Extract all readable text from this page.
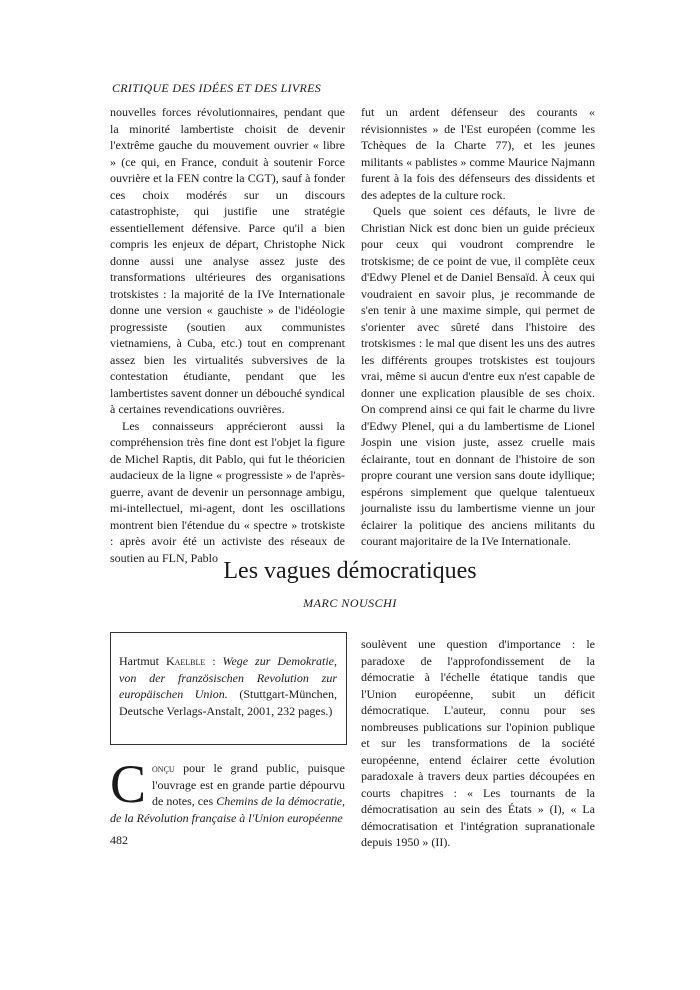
CRITIQUE DES IDÉES ET DES LIVRES

nouvelles forces révolutionnaires, pendant que la minorité lambertiste choisit de devenir l'extrême gauche du mouvement ouvrier « libre » (ce qui, en France, conduit à soutenir Force ouvrière et la FEN contre la CGT), sauf à fonder ces choix modérés sur un discours catastrophiste, qui justifie une stratégie essentiellement défensive. Parce qu'il a bien compris les enjeux de départ, Christophe Nick donne aussi une analyse assez juste des transformations ultérieures des organisations trotskistes : la majorité de la IVe Internationale donne une version « gauchiste » de l'idéologie progressiste (soutien aux communistes vietnamiens, à Cuba, etc.) tout en comprenant assez bien les virtualités subversives de la contestation étudiante, pendant que les lambertistes savent donner un débouché syndical à certaines revendications ouvrières.

Les connaisseurs apprécieront aussi la compréhension très fine dont est l'objet la figure de Michel Raptis, dit Pablo, qui fut le théoricien audacieux de la ligne « progressiste » de l'après-guerre, avant de devenir un personnage ambigu, mi-intellectuel, mi-agent, dont les oscillations montrent bien l'étendue du « spectre » trotskiste : après avoir été un activiste des réseaux de soutien au FLN, Pablo

fut un ardent défenseur des courants « révisionnistes » de l'Est européen (comme les Tchèques de la Charte 77), et les jeunes militants « pablistes » comme Maurice Najmann furent à la fois des défenseurs des dissidents et des adeptes de la culture rock.

Quels que soient ces défauts, le livre de Christian Nick est donc bien un guide précieux pour ceux qui voudront comprendre le trotskisme; de ce point de vue, il complète ceux d'Edwy Plenel et de Daniel Bensaïd. À ceux qui voudraient en savoir plus, je recommande de s'en tenir à une maxime simple, qui permet de s'orienter avec sûreté dans l'histoire des trotskismes : le mal que disent les uns des autres les différents groupes trotskistes est toujours vrai, même si aucun d'entre eux n'est capable de donner une explication plausible de ses choix. On comprend ainsi ce qui fait le charme du livre d'Edwy Plenel, qui a du lambertisme de Lionel Jospin une vision juste, assez cruelle mais éclairante, tout en donnant de l'histoire de son propre courant une version sans doute idyllique; espérons simplement que quelque talentueux journaliste issu du lambertisme vienne un jour éclairer la politique des anciens militants du courant majoritaire de la IVe Internationale.

Les vagues démocratiques
MARC NOUSCHI
Hartmut Kaelble : Wege zur Demokratie, von der französischen Revolution zur europäischen Union. (Stuttgart-München, Deutsche Verlags-Anstalt, 2001, 232 pages.)

Conçu pour le grand public, puisque l'ouvrage est en grande partie dépourvu de notes, ces Chemins de la démocratie, de la Révolution française à l'Union européenne

soulèvent une question d'importance : le paradoxe de l'approfondissement de la démocratie à l'échelle étatique tandis que l'Union européenne, subit un déficit démocratique. L'auteur, connu pour ses nombreuses publications sur l'opinion publique et sur les transformations de la société européenne, entend éclairer cette évolution paradoxale à travers deux parties découpées en courts chapitres : « Les tournants de la démocratisation au sein des États » (I), « La démocratisation et l'intégration supranationale depuis 1950 » (II).

482
